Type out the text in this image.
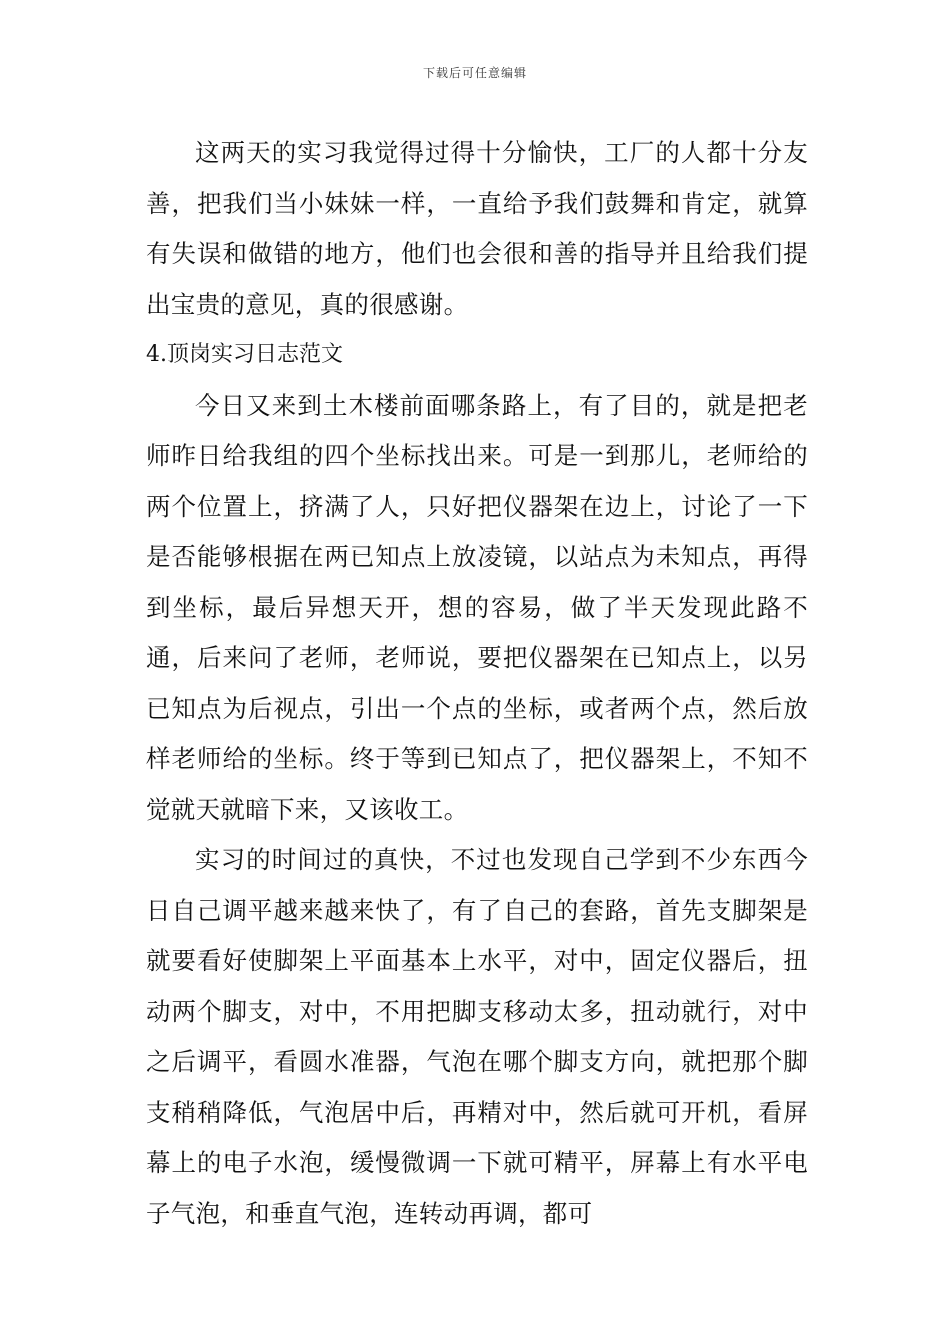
下载后可任意编辑

这两天的实习我觉得过得十分愉快，工厂的人都十分友善，把我们当小妹妹一样，一直给予我们鼓舞和肯定，就算有失误和做错的地方，他们也会很和善的指导并且给我们提出宝贵的意见，真的很感谢。

4.顶岗实习日志范文

今日又来到土木楼前面哪条路上，有了目的，就是把老师昨日给我组的四个坐标找出来。可是一到那儿，老师给的两个位置上，挤满了人，只好把仪器架在边上，讨论了一下是否能够根据在两已知点上放凌镜，以站点为未知点，再得到坐标，最后异想天开，想的容易，做了半天发现此路不通，后来问了老师，老师说，要把仪器架在已知点上，以另已知点为后视点，引出一个点的坐标，或者两个点，然后放样老师给的坐标。终于等到已知点了，把仪器架上，不知不觉就天就暗下来，又该收工。

实习的时间过的真快，不过也发现自己学到不少东西今日自己调平越来越来快了，有了自己的套路，首先支脚架是就要看好使脚架上平面基本上水平，对中，固定仪器后，扭动两个脚支，对中，不用把脚支移动太多，扭动就行，对中之后调平，看圆水准器，气泡在哪个脚支方向，就把那个脚支稍稍降低，气泡居中后，再精对中，然后就可开机，看屏幕上的电子水泡，缓慢微调一下就可精平，屏幕上有水平电子气泡，和垂直气泡，连转动再调，都可
